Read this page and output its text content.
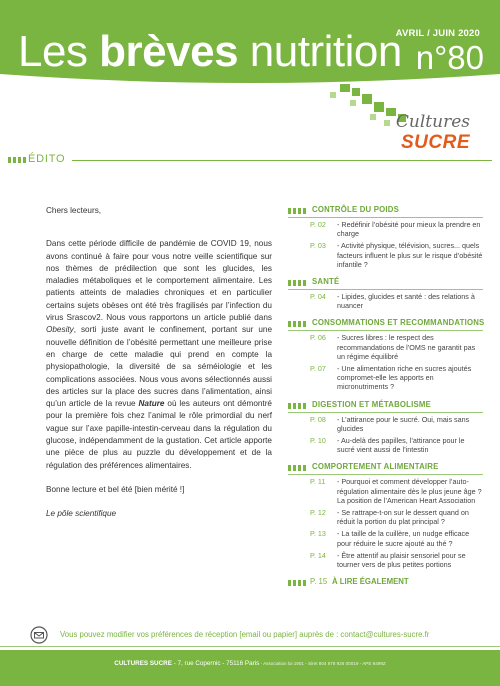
Les brèves nutrition
AVRIL / JUIN 2020
n°80
Cultures
SUCRE
ÉDITO

Chers lecteurs,

Dans cette période difficile de pandémie de COVID 19, nous avons continué à faire pour vous notre veille scientifique sur nos thèmes de prédilection que sont les glucides, les maladies métaboliques et le comportement alimentaire. Les patients atteints de maladies chroniques et en particulier certains sujets obèses ont été très fragilisés par l’infection du virus Srascov2. Nous vous rapportons un article publié dans Obesity, sorti juste avant le confinement, portant sur une nouvelle définition de l’obésité permettant une meilleure prise en charge de cette maladie qui prend en compte la physiopathologie, la diversité de sa séméiologie et les complications associées. Nous vous avons sélectionnés aussi des articles sur la place des sucres dans l’alimentation, ainsi qu’un article de la revue Nature où les auteurs ont démontré pour la première fois chez l’animal le rôle primordial du nerf vague sur l’axe papille-intestin-cerveau dans la régulation du glucose, indépendamment de la gustation. Cet article apporte une pièce de plus au puzzle du développement et de la régulation des préférences alimentaires.

Bonne lecture et bel été [bien mérité !]

Le pôle scientifique

CONTRÔLE DU POIDS
P. 02	- Redéfinir l’obésité pour mieux la prendre en charge
P. 03	- Activité physique, télévision, sucres... quels facteurs influent le plus sur le risque d’obésité infantile ?
SANTÉ
P. 04	- Lipides, glucides et santé : des relations à nuancer
CONSOMMATIONS ET RECOMMANDATIONS
P. 06	- Sucres libres : le respect des recommandations de l’OMS ne garantit pas un régime équilibré
P. 07	- Une alimentation riche en sucres ajoutés compromet-elle les apports en micronutriments ?
DIGESTION ET MÉTABOLISME
P. 08	- L’attirance pour le sucré. Oui, mais sans glucides
P. 10	- Au-delà des papilles, l’attirance pour le sucré vient aussi de l’intestin
COMPORTEMENT ALIMENTAIRE
P. 11	- Pourquoi et comment développer l’auto-régulation alimentaire dès le plus jeune âge ? La position de l’American Heart Association
P. 12	- Se rattrape-t-on sur le dessert quand on réduit la portion du plat principal ?
P. 13	- La taille de la cuillère, un nudge efficace pour réduire le sucre ajouté au thé ?
P. 14	- Être attentif au plaisir sensoriel pour se tourner vers de plus petites portions
P. 15 À LIRE ÉGALEMENT
Vous pouvez modifier vos préférences de réception [email ou papier] auprès de : contact@cultures-sucre.fr
CULTURES SUCRE - 7, rue Copernic - 75116 Paris - Association loi 1901 - Siret 804 978 926 00019 - APE 9499Z
